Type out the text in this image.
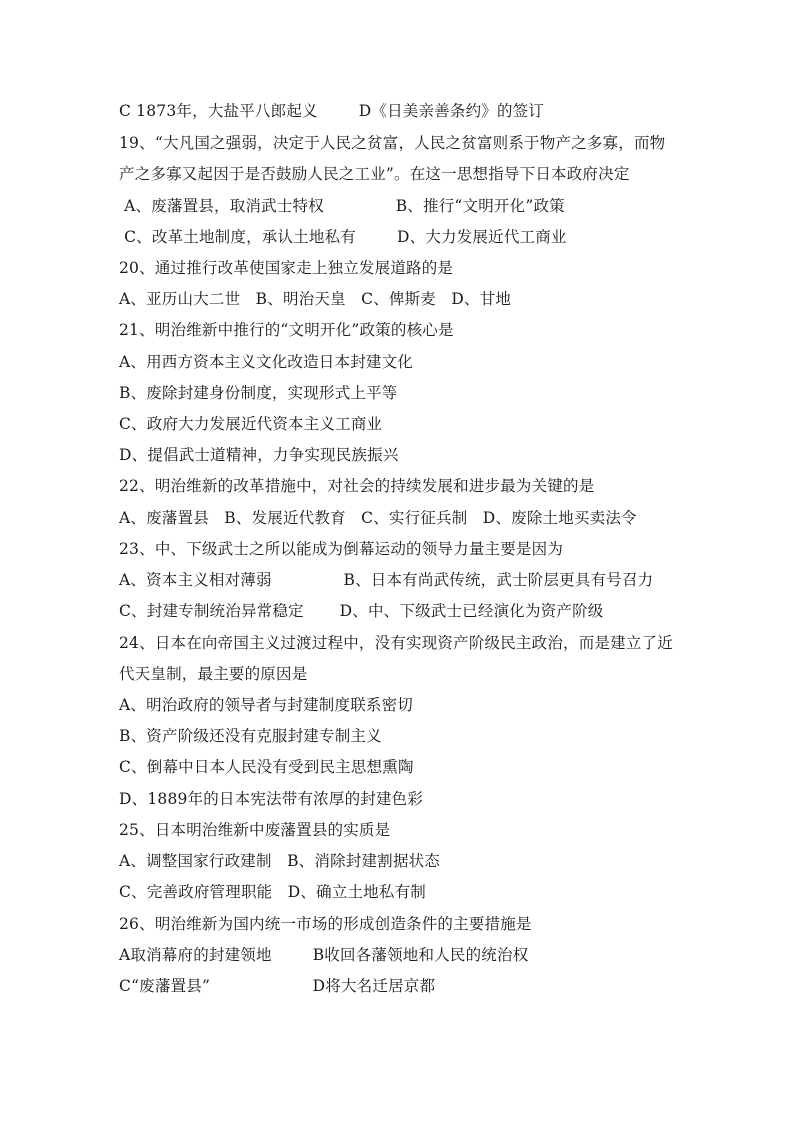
C 1873年，大盐平八郎起义        D《日美亲善条约》的签订
19、“大凡国之强弱，决定于人民之贫富，人民之贫富则系于物产之多寡，而物
产之多寡又起因于是否鼓励人民之工业”。在这一思想指导下日本政府决定
A、废藩置县，取消武士特权              B、推行“文明开化”政策
C、改革土地制度，承认土地私有        D、大力发展近代工商业
20、通过推行改革使国家走上独立发展道路的是
A、亚历山大二世   B、明治天皇   C、俾斯麦   D、甘地
21、明治维新中推行的“文明开化”政策的核心是
A、用西方资本主义文化改造日本封建文化
B、废除封建身份制度，实现形式上平等
C、政府大力发展近代资本主义工商业
D、提倡武士道精神，力争实现民族振兴
22、明治维新的改革措施中，对社会的持续发展和进步最为关键的是
A、废藩置县   B、发展近代教育   C、实行征兵制   D、废除土地买卖法令
23、中、下级武士之所以能成为倒幕运动的领导力量主要是因为
A、资本主义相对薄弱              B、日本有尚武传统，武士阶层更具有号召力
C、封建专制统治异常稳定       D、中、下级武士已经演化为资产阶级
24、日本在向帝国主义过渡过程中，没有实现资产阶级民主政治，而是建立了近
代天皇制，最主要的原因是
A、明治政府的领导者与封建制度联系密切
B、资产阶级还没有克服封建专制主义
C、倒幕中日本人民没有受到民主思想熏陶
D、1889年的日本宪法带有浓厚的封建色彩
25、日本明治维新中废藩置县的实质是
A、调整国家行政建制   B、消除封建割据状态
C、完善政府管理职能   D、确立土地私有制
26、明治维新为国内统一市场的形成创造条件的主要措施是
A取消幕府的封建领地        B收回各藩领地和人民的统治权
C“废藩置县”                    D将大名迁居京都
